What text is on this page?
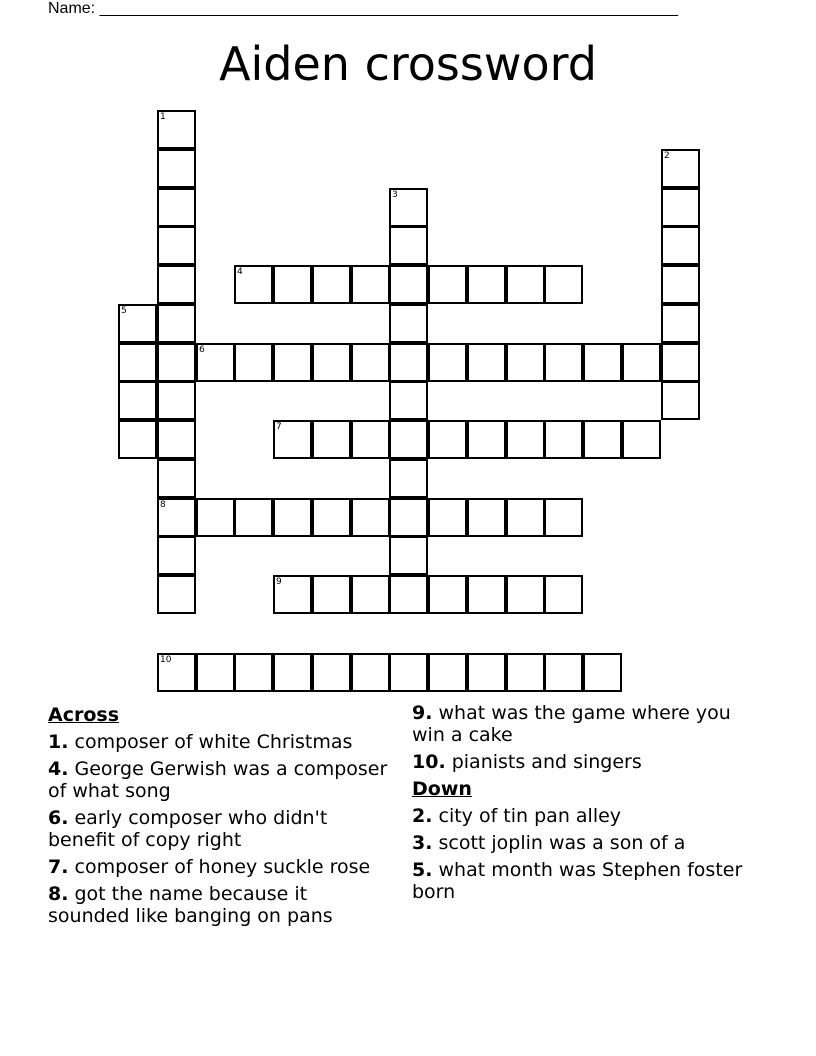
Name: _________________________________________________________________
Aiden crossword
1
2
3
4
5
6
7
8
9
10
Across
1. composer of white Christmas
4. George Gerwish was a composer of what song
6. early composer who didn't benefit of copy right
7. composer of honey suckle rose
8. got the name because it sounded like banging on pans
9. what was the game where you win a cake
10. pianists and singers
Down
2. city of tin pan alley
3. scott joplin was a son of a
5. what month was Stephen foster born
